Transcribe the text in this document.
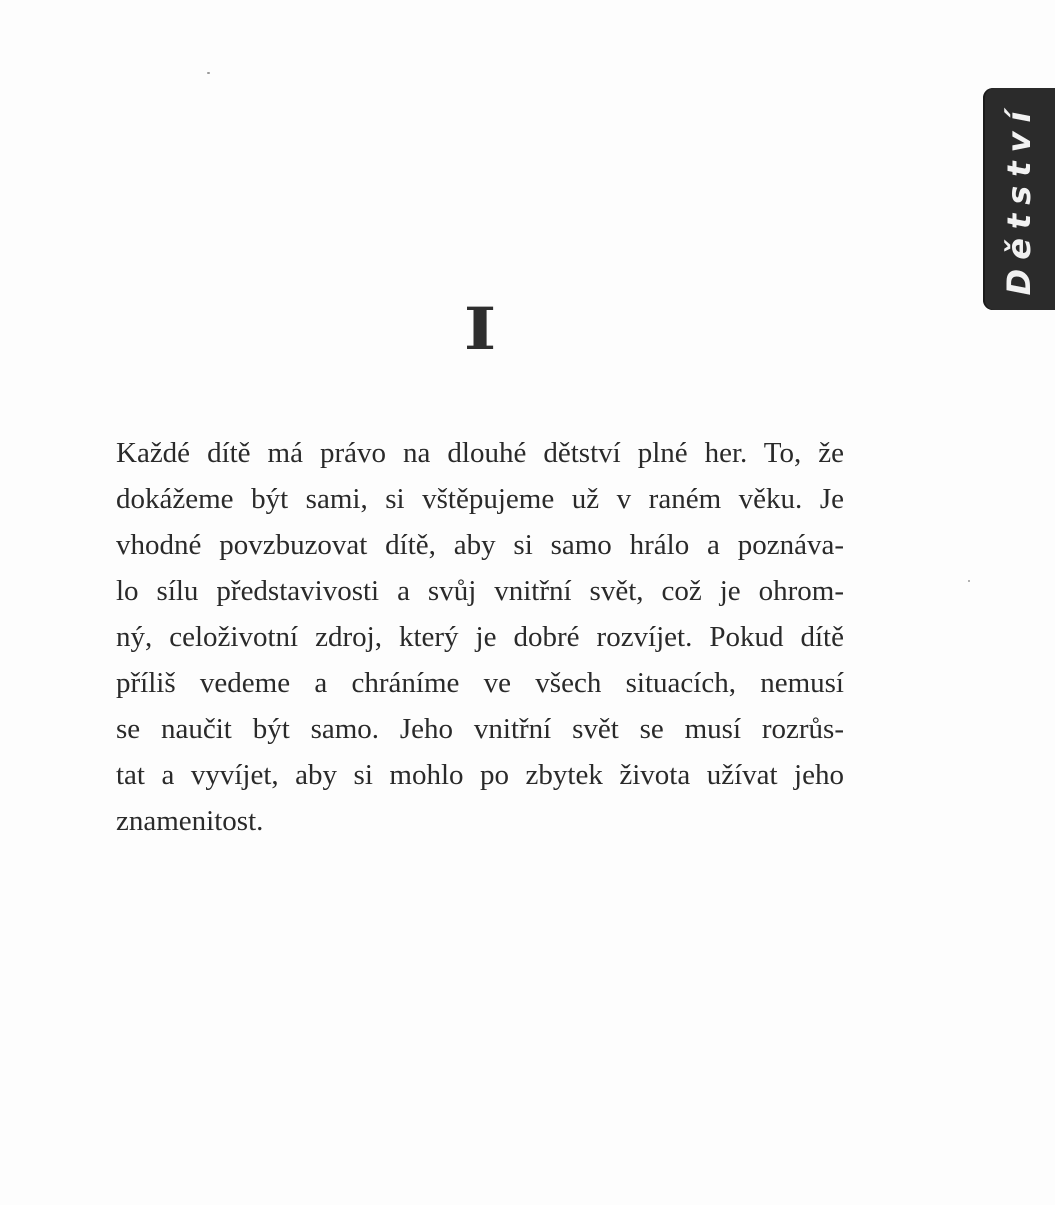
Dětství
I
Každé dítě má právo na dlouhé dětství plné her. To, že
dokážeme být sami, si vštěpujeme už v raném věku. Je
vhodné povzbuzovat dítě, aby si samo hrálo a poznáva-
lo sílu představivosti a svůj vnitřní svět, což je ohrom-
ný, celoživotní zdroj, který je dobré rozvíjet. Pokud dítě
příliš vedeme a chráníme ve všech situacích, nemusí
se naučit být samo. Jeho vnitřní svět se musí rozrůs-
tat a vyvíjet, aby si mohlo po zbytek života užívat jeho
znamenitost.
